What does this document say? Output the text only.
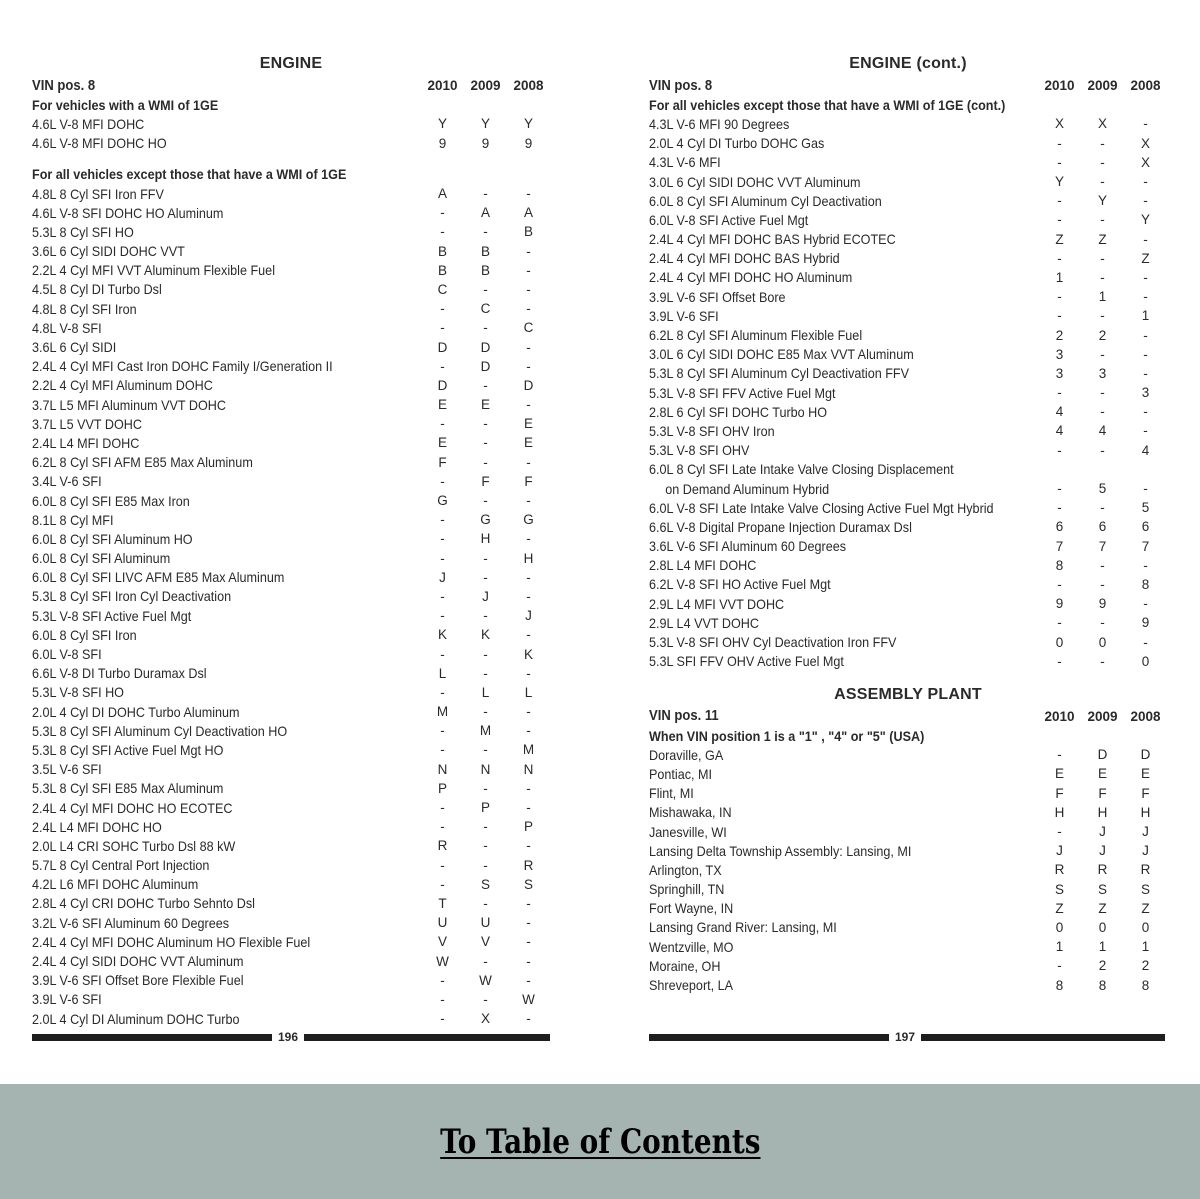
ENGINE
VIN pos. 8	2010 2009 2008
For vehicles with a WMI of 1GE
4.6L V-8 MFI DOHC	Y	Y	Y
4.6L V-8 MFI DOHC HO	9	9	9
For all vehicles except those that have a WMI of 1GE
4.8L 8 Cyl SFI Iron FFV	A	-	-
4.6L V-8 SFI DOHC HO Aluminum	-	A	A
5.3L 8 Cyl SFI HO	-	-	B
3.6L 6 Cyl SIDI DOHC VVT	B	B	-
2.2L 4 Cyl MFI VVT Aluminum Flexible Fuel	B	B	-
4.5L 8 Cyl DI Turbo Dsl	C	-	-
4.8L 8 Cyl SFI Iron	-	C	-
4.8L V-8 SFI	-	-	C
3.6L 6 Cyl SIDI	D	D	-
2.4L 4 Cyl MFI Cast Iron DOHC Family I/Generation II	-	D	-
2.2L 4 Cyl MFI Aluminum DOHC	D	-	D
3.7L L5 MFI Aluminum VVT DOHC	E	E	-
3.7L L5 VVT DOHC	-	-	E
2.4L L4 MFI DOHC	E	-	E
6.2L 8 Cyl SFI AFM E85 Max Aluminum	F	-	-
3.4L V-6 SFI	-	F	F
6.0L 8 Cyl SFI E85 Max Iron	G	-	-
8.1L 8 Cyl MFI	-	G	G
6.0L 8 Cyl SFI Aluminum HO	-	H	-
6.0L 8 Cyl SFI Aluminum	-	-	H
6.0L 8 Cyl SFI LIVC AFM E85 Max Aluminum	J	-	-
5.3L 8 Cyl SFI Iron Cyl Deactivation	-	J	-
5.3L V-8 SFI Active Fuel Mgt	-	-	J
6.0L 8 Cyl SFI Iron	K	K	-
6.0L V-8 SFI	-	-	K
6.6L V-8 DI Turbo Duramax Dsl	L	-	-
5.3L V-8 SFI HO	-	L	L
2.0L 4 Cyl DI DOHC Turbo Aluminum	M	-	-
5.3L 8 Cyl SFI Aluminum Cyl Deactivation HO	-	M	-
5.3L 8 Cyl SFI Active Fuel Mgt HO	-	-	M
3.5L V-6 SFI	N	N	N
5.3L 8 Cyl SFI E85 Max Aluminum	P	-	-
2.4L 4 Cyl MFI DOHC HO ECOTEC	-	P	-
2.4L L4 MFI DOHC HO	-	-	P
2.0L L4 CRI SOHC Turbo Dsl 88 kW	R	-	-
5.7L 8 Cyl Central Port Injection	-	-	R
4.2L L6 MFI DOHC Aluminum	-	S	S
2.8L 4 Cyl CRI DOHC Turbo Sehnto Dsl	T	-	-
3.2L V-6 SFI Aluminum 60 Degrees	U	U	-
2.4L 4 Cyl MFI DOHC Aluminum HO Flexible Fuel	V	V	-
2.4L 4 Cyl SIDI DOHC VVT Aluminum	W	-	-
3.9L V-6 SFI Offset Bore Flexible Fuel	-	W	-
3.9L V-6 SFI	-	-	W
2.0L 4 Cyl DI Aluminum DOHC Turbo	-	X	-
ENGINE (cont.)
VIN pos. 8	2010 2009 2008
For all vehicles except those that have a WMI of 1GE (cont.)
4.3L V-6 MFI 90 Degrees	X	X	-
2.0L 4 Cyl DI Turbo DOHC Gas	-	-	X
4.3L V-6 MFI	-	-	X
3.0L 6 Cyl SIDI DOHC VVT Aluminum	Y	-	-
6.0L 8 Cyl SFI Aluminum Cyl Deactivation	-	Y	-
6.0L V-8 SFI Active Fuel Mgt	-	-	Y
2.4L 4 Cyl MFI DOHC BAS Hybrid ECOTEC	Z	Z	-
2.4L 4 Cyl MFI DOHC BAS Hybrid	-	-	Z
2.4L 4 Cyl MFI DOHC HO Aluminum	1	-	-
3.9L V-6 SFI Offset Bore	-	1	-
3.9L V-6 SFI	-	-	1
6.2L 8 Cyl SFI Aluminum Flexible Fuel	2	2	-
3.0L 6 Cyl SIDI DOHC E85 Max VVT Aluminum	3	-	-
5.3L 8 Cyl SFI Aluminum Cyl Deactivation FFV	3	3	-
5.3L V-8 SFI FFV Active Fuel Mgt	-	-	3
2.8L 6 Cyl SFI DOHC Turbo HO	4	-	-
5.3L V-8 SFI OHV Iron	4	4	-
5.3L V-8 SFI OHV	-	-	4
6.0L 8 Cyl SFI Late Intake Valve Closing Displacement
on Demand Aluminum Hybrid	-	5	-
6.0L V-8 SFI Late Intake Valve Closing Active Fuel Mgt Hybrid	-	-	5
6.6L V-8 Digital Propane Injection Duramax Dsl	6	6	6
3.6L V-6 SFI Aluminum 60 Degrees	7	7	7
2.8L L4 MFI DOHC	8	-	-
6.2L V-8 SFI HO Active Fuel Mgt	-	-	8
2.9L L4 MFI VVT DOHC	9	9	-
2.9L L4 VVT DOHC	-	-	9
5.3L V-8 SFI OHV Cyl Deactivation Iron FFV	0	0	-
5.3L SFI FFV OHV Active Fuel Mgt	-	-	0
ASSEMBLY PLANT
VIN pos. 11	2010 2009 2008
When VIN position 1 is a "1" , "4" or "5" (USA)
Doraville, GA	-	D	D
Pontiac, MI	E	E	E
Flint, MI	F	F	F
Mishawaka, IN	H	H	H
Janesville, WI	-	J	J
Lansing Delta Township Assembly: Lansing, MI	J	J	J
Arlington, TX	R	R	R
Springhill, TN	S	S	S
Fort Wayne, IN	Z	Z	Z
Lansing Grand River: Lansing, MI	0	0	0
Wentzville, MO	1	1	1
Moraine, OH	-	2	2
Shreveport, LA	8	8	8
196	197
To Table of Contents
